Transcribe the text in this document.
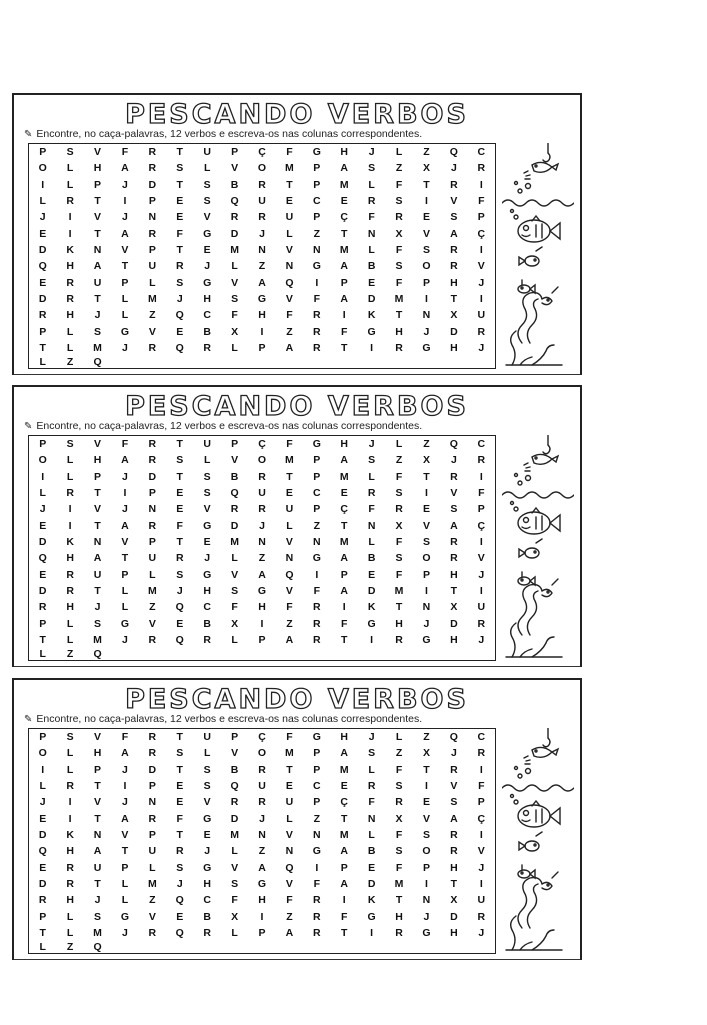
PESCANDO VERBOS
✎ Encontre, no caça-palavras, 12 verbos e escreva-os nas colunas correspondentes.
P	S	V	F	R	T	U	P	Ç	F	G	H	J	L	Z	Q	C
O	L	H	A	R	S	L	V	O	M	P	A	S	Z	X	J	R
I	L	P	J	D	T	S	B	R	T	P	M	L	F	T	R	I
L	R	T	I	P	E	S	Q	U	E	C	E	R	S	I	V	F
J	I	V	J	N	E	V	R	R	U	P	Ç	F	R	E	S	P
E	I	T	A	R	F	G	D	J	L	Z	T	N	X	V	A	Ç
D	K	N	V	P	T	E	M	N	V	N	M	L	F	S	R	I
Q	H	A	T	U	R	J	L	Z	N	G	A	B	S	O	R	V
E	R	U	P	L	S	G	V	A	Q	I	P	E	F	P	H	J
D	R	T	L	M	J	H	S	G	V	F	A	D	M	I	T	I
R	H	J	L	Z	Q	C	F	H	F	R	I	K	T	N	X	U
P	L	S	G	V	E	B	X	I	Z	R	F	G	H	J	D	R
T	L	M	J	R	Q	R	L	P	A	R	T	I	R	G	H	J
L	Z	Q
PESCANDO VERBOS
✎ Encontre, no caça-palavras, 12 verbos e escreva-os nas colunas correspondentes.
P	S	V	F	R	T	U	P	Ç	F	G	H	J	L	Z	Q	C
O	L	H	A	R	S	L	V	O	M	P	A	S	Z	X	J	R
I	L	P	J	D	T	S	B	R	T	P	M	L	F	T	R	I
L	R	T	I	P	E	S	Q	U	E	C	E	R	S	I	V	F
J	I	V	J	N	E	V	R	R	U	P	Ç	F	R	E	S	P
E	I	T	A	R	F	G	D	J	L	Z	T	N	X	V	A	Ç
D	K	N	V	P	T	E	M	N	V	N	M	L	F	S	R	I
Q	H	A	T	U	R	J	L	Z	N	G	A	B	S	O	R	V
E	R	U	P	L	S	G	V	A	Q	I	P	E	F	P	H	J
D	R	T	L	M	J	H	S	G	V	F	A	D	M	I	T	I
R	H	J	L	Z	Q	C	F	H	F	R	I	K	T	N	X	U
P	L	S	G	V	E	B	X	I	Z	R	F	G	H	J	D	R
T	L	M	J	R	Q	R	L	P	A	R	T	I	R	G	H	J
L	Z	Q
PESCANDO VERBOS
✎ Encontre, no caça-palavras, 12 verbos e escreva-os nas colunas correspondentes.
P	S	V	F	R	T	U	P	Ç	F	G	H	J	L	Z	Q	C
O	L	H	A	R	S	L	V	O	M	P	A	S	Z	X	J	R
I	L	P	J	D	T	S	B	R	T	P	M	L	F	T	R	I
L	R	T	I	P	E	S	Q	U	E	C	E	R	S	I	V	F
J	I	V	J	N	E	V	R	R	U	P	Ç	F	R	E	S	P
E	I	T	A	R	F	G	D	J	L	Z	T	N	X	V	A	Ç
D	K	N	V	P	T	E	M	N	V	N	M	L	F	S	R	I
Q	H	A	T	U	R	J	L	Z	N	G	A	B	S	O	R	V
E	R	U	P	L	S	G	V	A	Q	I	P	E	F	P	H	J
D	R	T	L	M	J	H	S	G	V	F	A	D	M	I	T	I
R	H	J	L	Z	Q	C	F	H	F	R	I	K	T	N	X	U
P	L	S	G	V	E	B	X	I	Z	R	F	G	H	J	D	R
T	L	M	J	R	Q	R	L	P	A	R	T	I	R	G	H	J
L	Z	Q
